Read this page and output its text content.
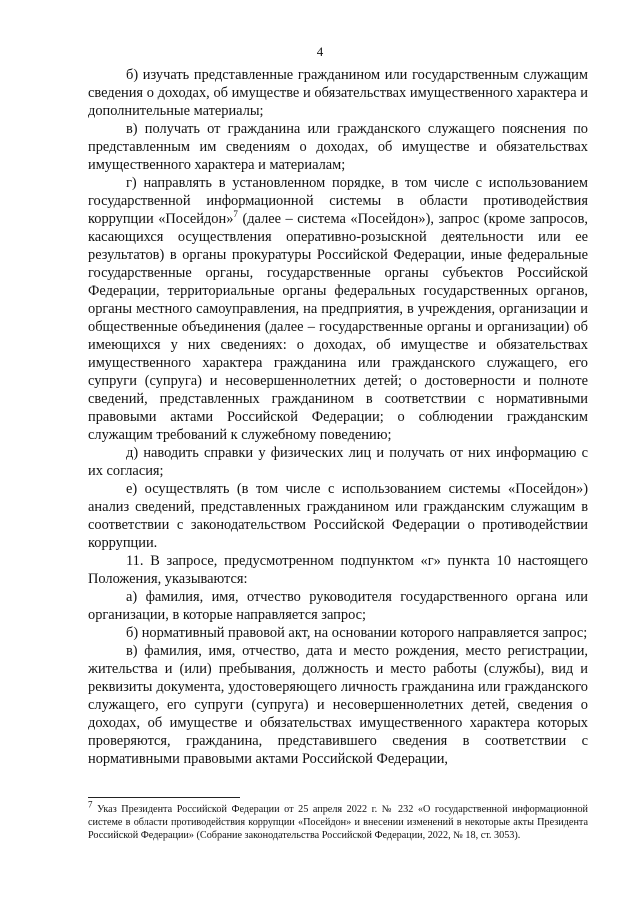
4

б) изучать представленные гражданином или государственным служащим сведения о доходах, об имуществе и обязательствах имущественного характера и дополнительные материалы;

в) получать от гражданина или гражданского служащего пояснения по представленным им сведениям о доходах, об имуществе и обязательствах имущественного характера и материалам;

г) направлять в установленном порядке, в том числе с использованием государственной информационной системы в области противодействия коррупции «Посейдон»$^7$ (далее – система «Посейдон»), запрос (кроме запросов, касающихся осуществления оперативно-розыскной деятельности или ее результатов) в органы прокуратуры Российской Федерации, иные федеральные государственные органы, государственные органы субъектов Российской Федерации, территориальные органы федеральных государственных органов, органы местного самоуправления, на предприятия, в учреждения, организации и общественные объединения (далее – государственные органы и организации) об имеющихся у них сведениях: о доходах, об имуществе и обязательствах имущественного характера гражданина или гражданского служащего, его супруги (супруга) и несовершеннолетних детей; о достоверности и полноте сведений, представленных гражданином в соответствии с нормативными правовыми актами Российской Федерации; о соблюдении гражданским служащим требований к служебному поведению;

д) наводить справки у физических лиц и получать от них информацию с их согласия;

е) осуществлять (в том числе с использованием системы «Посейдон») анализ сведений, представленных гражданином или гражданским служащим в соответствии с законодательством Российской Федерации о противодействии коррупции.

11. В запросе, предусмотренном подпунктом «г» пункта 10 настоящего Положения, указываются:

а) фамилия, имя, отчество руководителя государственного органа или организации, в которые направляется запрос;

б) нормативный правовой акт, на основании которого направляется запрос;

в) фамилия, имя, отчество, дата и место рождения, место регистрации, жительства и (или) пребывания, должность и место работы (службы), вид и реквизиты документа, удостоверяющего личность гражданина или гражданского служащего, его супруги (супруга) и несовершеннолетних детей, сведения о доходах, об имуществе и обязательствах имущественного характера которых проверяются, гражданина, представившего сведения в соответствии с нормативными правовыми актами Российской Федерации,

$^7$ Указ Президента Российской Федерации от 25 апреля 2022 г. № 232 «О государственной информационной системе в области противодействия коррупции «Посейдон» и внесении изменений в некоторые акты Президента Российской Федерации» (Собрание законодательства Российской Федерации, 2022, № 18, ст. 3053).
